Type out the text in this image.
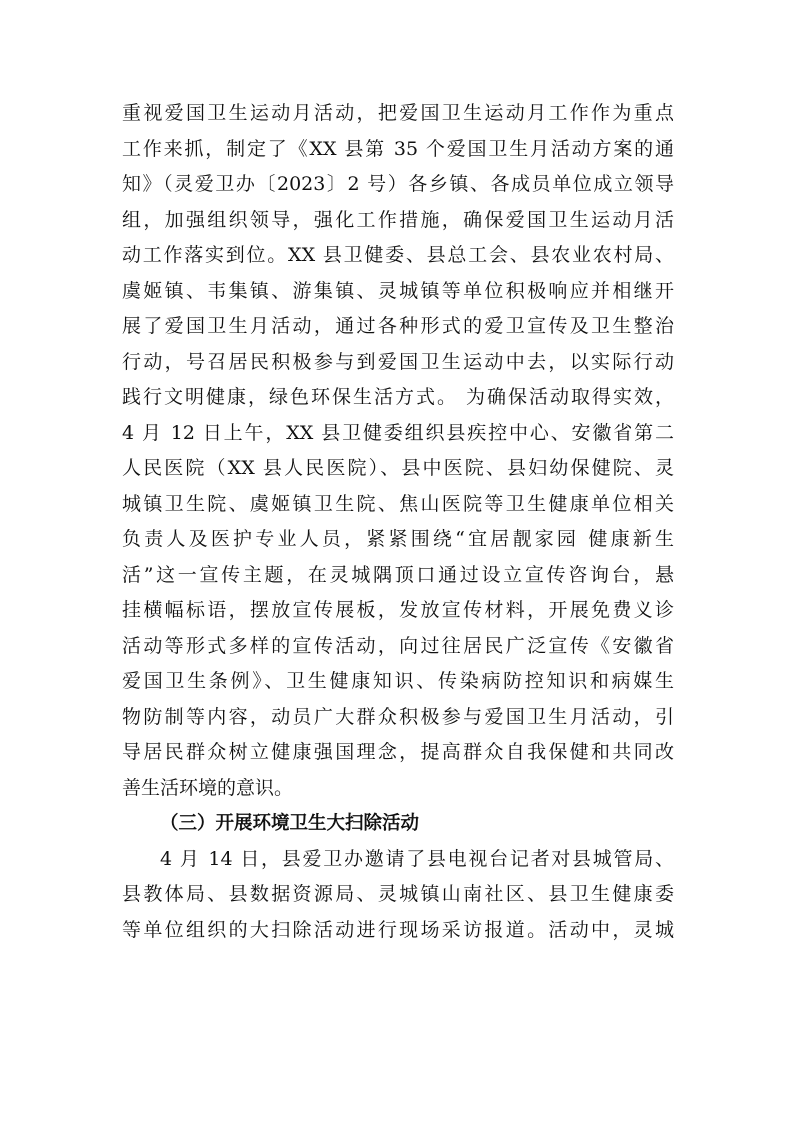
重视爱国卫生运动月活动，把爱国卫生运动月工作作为重点
工作来抓，制定了《XX 县第 35 个爱国卫生月活动方案的通
知》（灵爱卫办〔2023〕2 号）各乡镇、各成员单位成立领导
组，加强组织领导，强化工作措施，确保爱国卫生运动月活
动工作落实到位。XX 县卫健委、县总工会、县农业农村局、
虞姬镇、韦集镇、游集镇、灵城镇等单位积极响应并相继开
展了爱国卫生月活动，通过各种形式的爱卫宣传及卫生整治
行动，号召居民积极参与到爱国卫生运动中去，以实际行动
践行文明健康，绿色环保生活方式。 为确保活动取得实效，
4 月 12 日上午，XX 县卫健委组织县疾控中心、安徽省第二
人民医院（XX 县人民医院）、县中医院、县妇幼保健院、灵
城镇卫生院、虞姬镇卫生院、焦山医院等卫生健康单位相关
负责人及医护专业人员，紧紧围绕“宜居靓家园 健康新生
活”这一宣传主题，在灵城隅顶口通过设立宣传咨询台，悬
挂横幅标语，摆放宣传展板，发放宣传材料，开展免费义诊
活动等形式多样的宣传活动，向过往居民广泛宣传《安徽省
爱国卫生条例》、卫生健康知识、传染病防控知识和病媒生
物防制等内容，动员广大群众积极参与爱国卫生月活动，引
导居民群众树立健康强国理念，提高群众自我保健和共同改
善生活环境的意识。
（三）开展环境卫生大扫除活动
4 月 14 日，县爱卫办邀请了县电视台记者对县城管局、
县教体局、县数据资源局、灵城镇山南社区、县卫生健康委
等单位组织的大扫除活动进行现场采访报道。活动中，灵城
